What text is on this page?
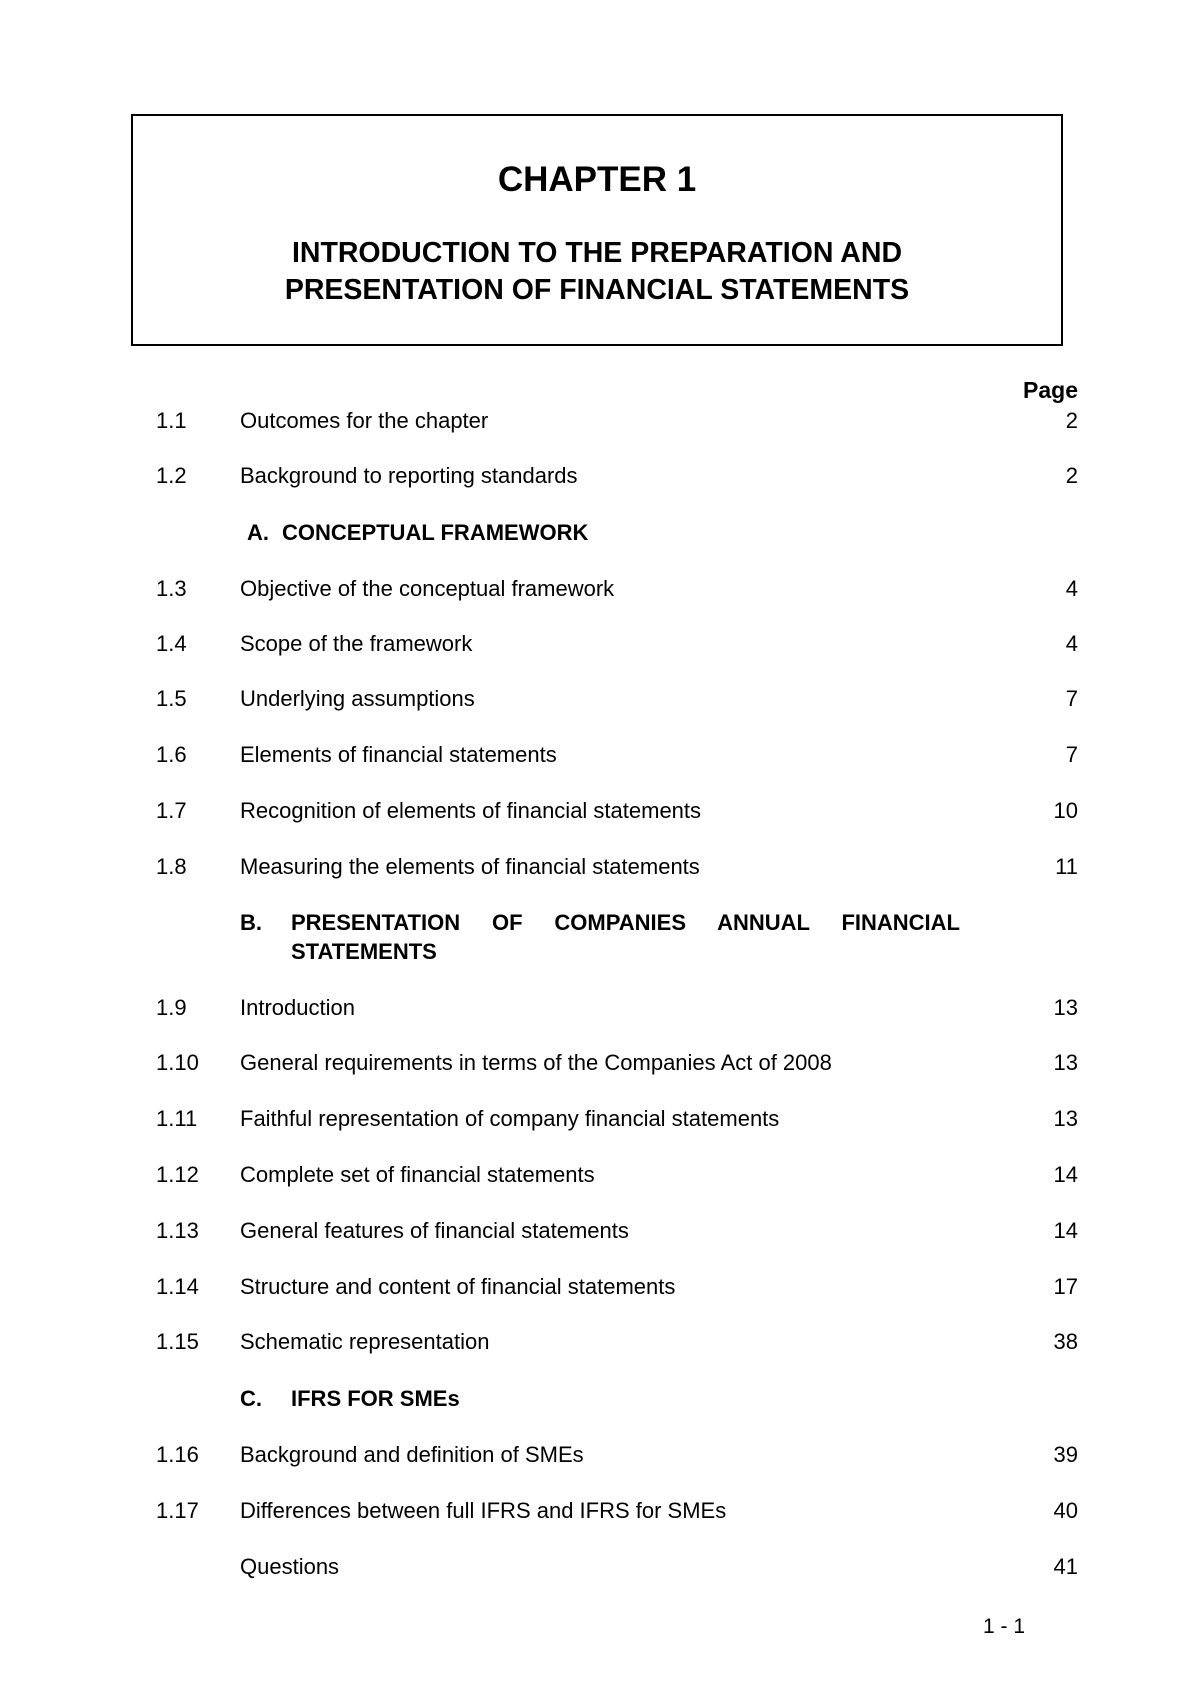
CHAPTER 1
INTRODUCTION TO THE PREPARATION AND
PRESENTATION OF FINANCIAL STATEMENTS
Page
1.1 Outcomes for the chapter	2
1.2 Background to reporting standards	2
A. CONCEPTUAL FRAMEWORK
1.3 Objective of the conceptual framework	4
1.4 Scope of the framework	4
1.5 Underlying assumptions	7
1.6 Elements of financial statements	7
1.7 Recognition of elements of financial statements	10
1.8 Measuring the elements of financial statements	11
B. PRESENTATION OF COMPANIES ANNUAL FINANCIAL
STATEMENTS
1.9 Introduction	13
1.10 General requirements in terms of the Companies Act of 2008	13
1.11 Faithful representation of company financial statements	13
1.12 Complete set of financial statements	14
1.13 General features of financial statements	14
1.14 Structure and content of financial statements	17
1.15 Schematic representation	38
C. IFRS FOR SMEs
1.16 Background and definition of SMEs	39
1.17 Differences between full IFRS and IFRS for SMEs	40
Questions	41
1 - 1
